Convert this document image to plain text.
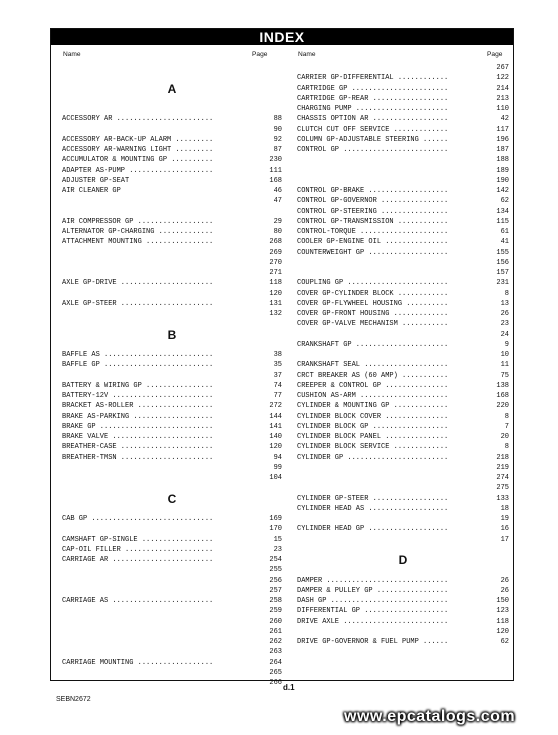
INDEX
Name	Page	Name	Page
A
ACCESSORY AR .......................	88
90
ACCESSORY AR-BACK-UP ALARM .........	92
ACCESSORY AR-WARNING LIGHT .........	87
ACCUMULATOR & MOUNTING GP ..........	230
ADAPTER AS-PUMP ....................	111
ADJUSTER GP-SEAT	168
AIR CLEANER GP	46
47
AIR COMPRESSOR GP ..................	29
ALTERNATOR GP-CHARGING .............	80
ATTACHMENT MOUNTING ................	268
269
270
271
AXLE GP-DRIVE ......................	118
120
AXLE GP-STEER ......................	131
132
B
BAFFLE AS ..........................	38
BAFFLE GP ..........................	35
37
BATTERY & WIRING GP ................	74
BATTERY-12V ........................	77
BRACKET AS-ROLLER ..................	272
BRAKE AS-PARKING ...................	144
BRAKE GP ...........................	141
BRAKE VALVE ........................	140
BREATHER-CASE ......................	120
BREATHER-TMSN ......................	94
99
104
C
CAB GP .............................	169
170
CAMSHAFT GP-SINGLE .................	15
CAP-OIL FILLER .....................	23
CARRIAGE AR ........................	254
255
256
257
CARRIAGE AS ........................	258
259
260
261
262
263
CARRIAGE MOUNTING ..................	264
265
266
267
CARRIER GP-DIFFERENTIAL ............	122
CARTRIDGE GP .......................	214
CARTRIDGE GP-REAR ..................	213
CHARGING PUMP ......................	110
CHASSIS OPTION AR ..................	42
CLUTCH CUT OFF SERVICE .............	117
COLUMN GP-ADJUSTABLE STEERING ......	196
CONTROL GP .........................	187
188
189
190
CONTROL GP-BRAKE ...................	142
CONTROL GP-GOVERNOR ................	62
CONTROL GP-STEERING ................	134
CONTROL GP-TRANSMISSION ............	115
CONTROL-TORQUE .....................	61
COOLER GP-ENGINE OIL ...............	41
COUNTERWEIGHT GP ...................	155
156
157
COUPLING GP ........................	231
COVER GP-CYLINDER BLOCK ............	8
COVER GP-FLYWHEEL HOUSING ..........	13
COVER GP-FRONT HOUSING .............	26
COVER GP-VALVE MECHANISM ...........	23
24
CRANKSHAFT GP ......................	9
10
CRANKSHAFT SEAL ....................	11
CRCT BREAKER AS (60 AMP) ...........	75
CREEPER & CONTROL GP ...............	138
CUSHION AS-ARM .....................	168
CYLINDER & MOUNTING GP .............	220
CYLINDER BLOCK COVER ...............	8
CYLINDER BLOCK GP ..................	7
CYLINDER BLOCK PANEL ...............	20
CYLINDER BLOCK SERVICE .............	8
CYLINDER GP ........................	218
219
274
275
CYLINDER GP-STEER ..................	133
CYLINDER HEAD AS ...................	18
19
CYLINDER HEAD GP ...................	16
17
D
DAMPER .............................	26
DAMPER & PULLEY GP .................	26
DASH GP ............................	150
DIFFERENTIAL GP ....................	123
DRIVE AXLE .........................	118
120
DRIVE GP-GOVERNOR & FUEL PUMP ......	62
d.1
SEBN2672
www.epcatalogs.com
